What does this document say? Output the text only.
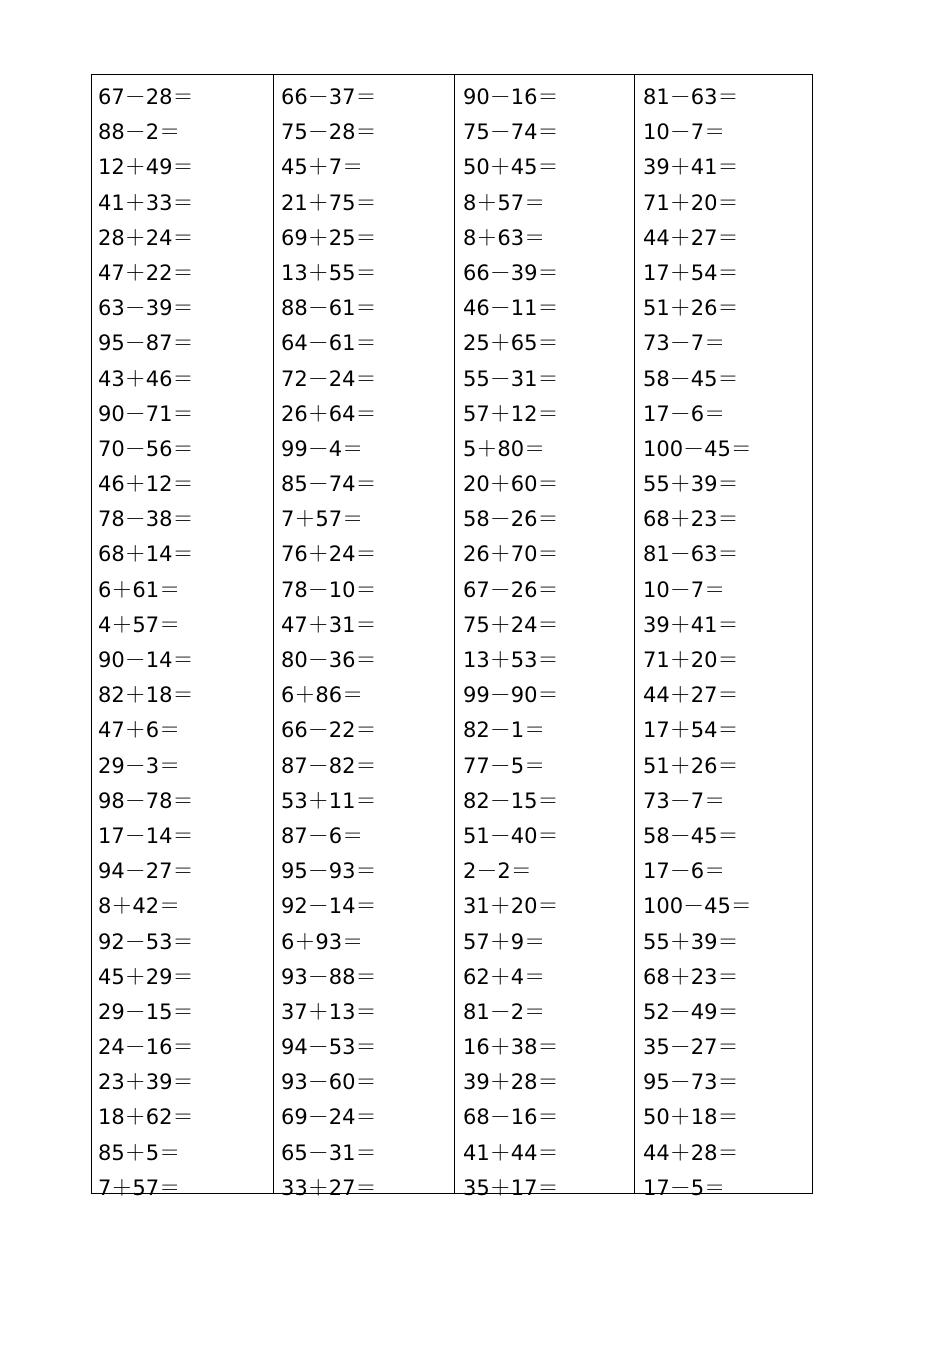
67－28＝
88－2＝
12＋49＝
41＋33＝
28＋24＝
47＋22＝
63－39＝
95－87＝
43＋46＝
90－71＝
70－56＝
46＋12＝
78－38＝
68＋14＝
6＋61＝
4＋57＝
90－14＝
82＋18＝
47＋6＝
29－3＝
98－78＝
17－14＝
94－27＝
8＋42＝
92－53＝
45＋29＝
29－15＝
24－16＝
23＋39＝
18＋62＝
85＋5＝
7＋57＝
66－37＝
75－28＝
45＋7＝
21＋75＝
69＋25＝
13＋55＝
88－61＝
64－61＝
72－24＝
26＋64＝
99－4＝
85－74＝
7＋57＝
76＋24＝
78－10＝
47＋31＝
80－36＝
6＋86＝
66－22＝
87－82＝
53＋11＝
87－6＝
95－93＝
92－14＝
6＋93＝
93－88＝
37＋13＝
94－53＝
93－60＝
69－24＝
65－31＝
33＋27＝
90－16＝
75－74＝
50＋45＝
8＋57＝
8＋63＝
66－39＝
46－11＝
25＋65＝
55－31＝
57＋12＝
5＋80＝
20＋60＝
58－26＝
26＋70＝
67－26＝
75＋24＝
13＋53＝
99－90＝
82－1＝
77－5＝
82－15＝
51－40＝
2－2＝
31＋20＝
57＋9＝
62＋4＝
81－2＝
16＋38＝
39＋28＝
68－16＝
41＋44＝
35＋17＝
81－63＝
10－7＝
39＋41＝
71＋20＝
44＋27＝
17＋54＝
51＋26＝
73－7＝
58－45＝
17－6＝
100－45＝
55＋39＝
68＋23＝
81－63＝
10－7＝
39＋41＝
71＋20＝
44＋27＝
17＋54＝
51＋26＝
73－7＝
58－45＝
17－6＝
100－45＝
55＋39＝
68＋23＝
52－49＝
35－27＝
95－73＝
50＋18＝
44＋28＝
17－5＝
